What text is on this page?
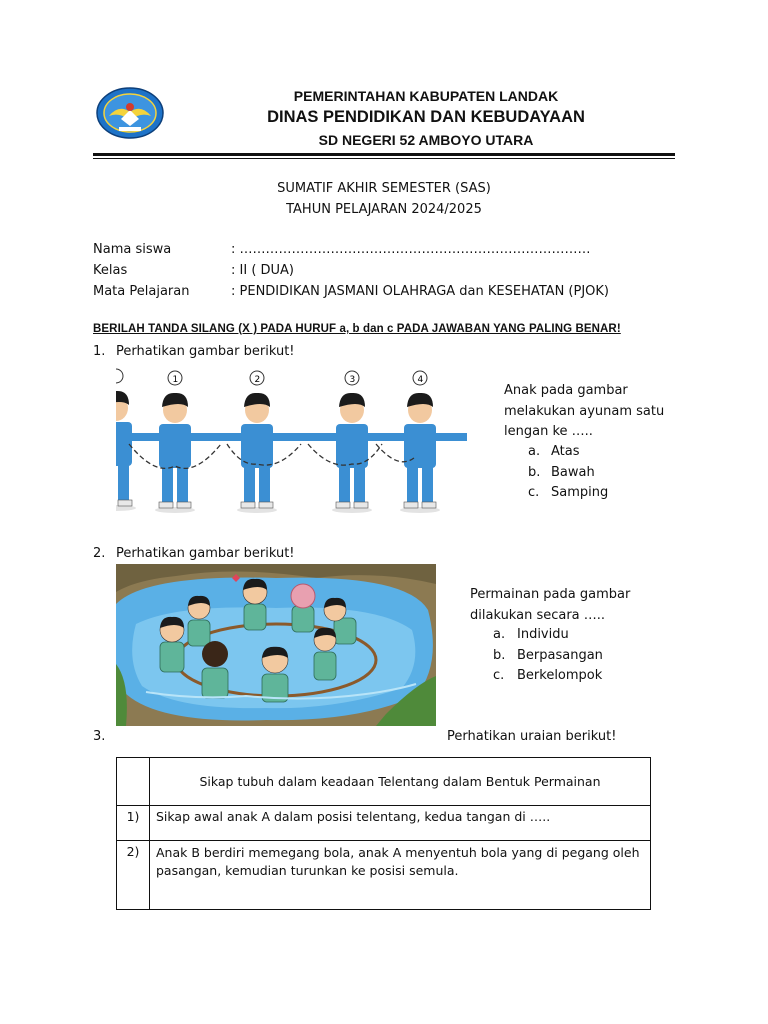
PEMERINTAHAN KABUPATEN LANDAK
DINAS PENDIDIKAN DAN KEBUDAYAAN
SD NEGERI 52 AMBOYO UTARA
SUMATIF AKHIR SEMESTER (SAS)
TAHUN PELAJARAN 2024/2025
Nama siswa	: ………………………………………………………………………
Kelas	: II ( DUA)
Mata Pelajaran	: PENDIDIKAN JASMANI OLAHRAGA dan KESEHATAN (PJOK)
BERILAH TANDA SILANG (X ) PADA HURUF a, b dan c PADA JAWABAN YANG PALING BENAR!
1. Perhatikan gambar berikut!
1	2	3	4
Anak pada gambar
melakukan ayunam satu
lengan ke …..
a. Atas
b. Bawah
c. Samping
2. Perhatikan gambar berikut!
Permainan pada gambar
dilakukan secara …..
a. Individu
b. Berpasangan
c. Berkelompok
3.	Perhatikan uraian berikut!
	Sikap tubuh dalam keadaan Telentang dalam Bentuk Permainan
1)	Sikap awal anak A dalam posisi telentang, kedua tangan di …..
2)	Anak B berdiri memegang bola, anak A menyentuh bola yang di pegang oleh pasangan, kemudian turunkan ke posisi semula.
